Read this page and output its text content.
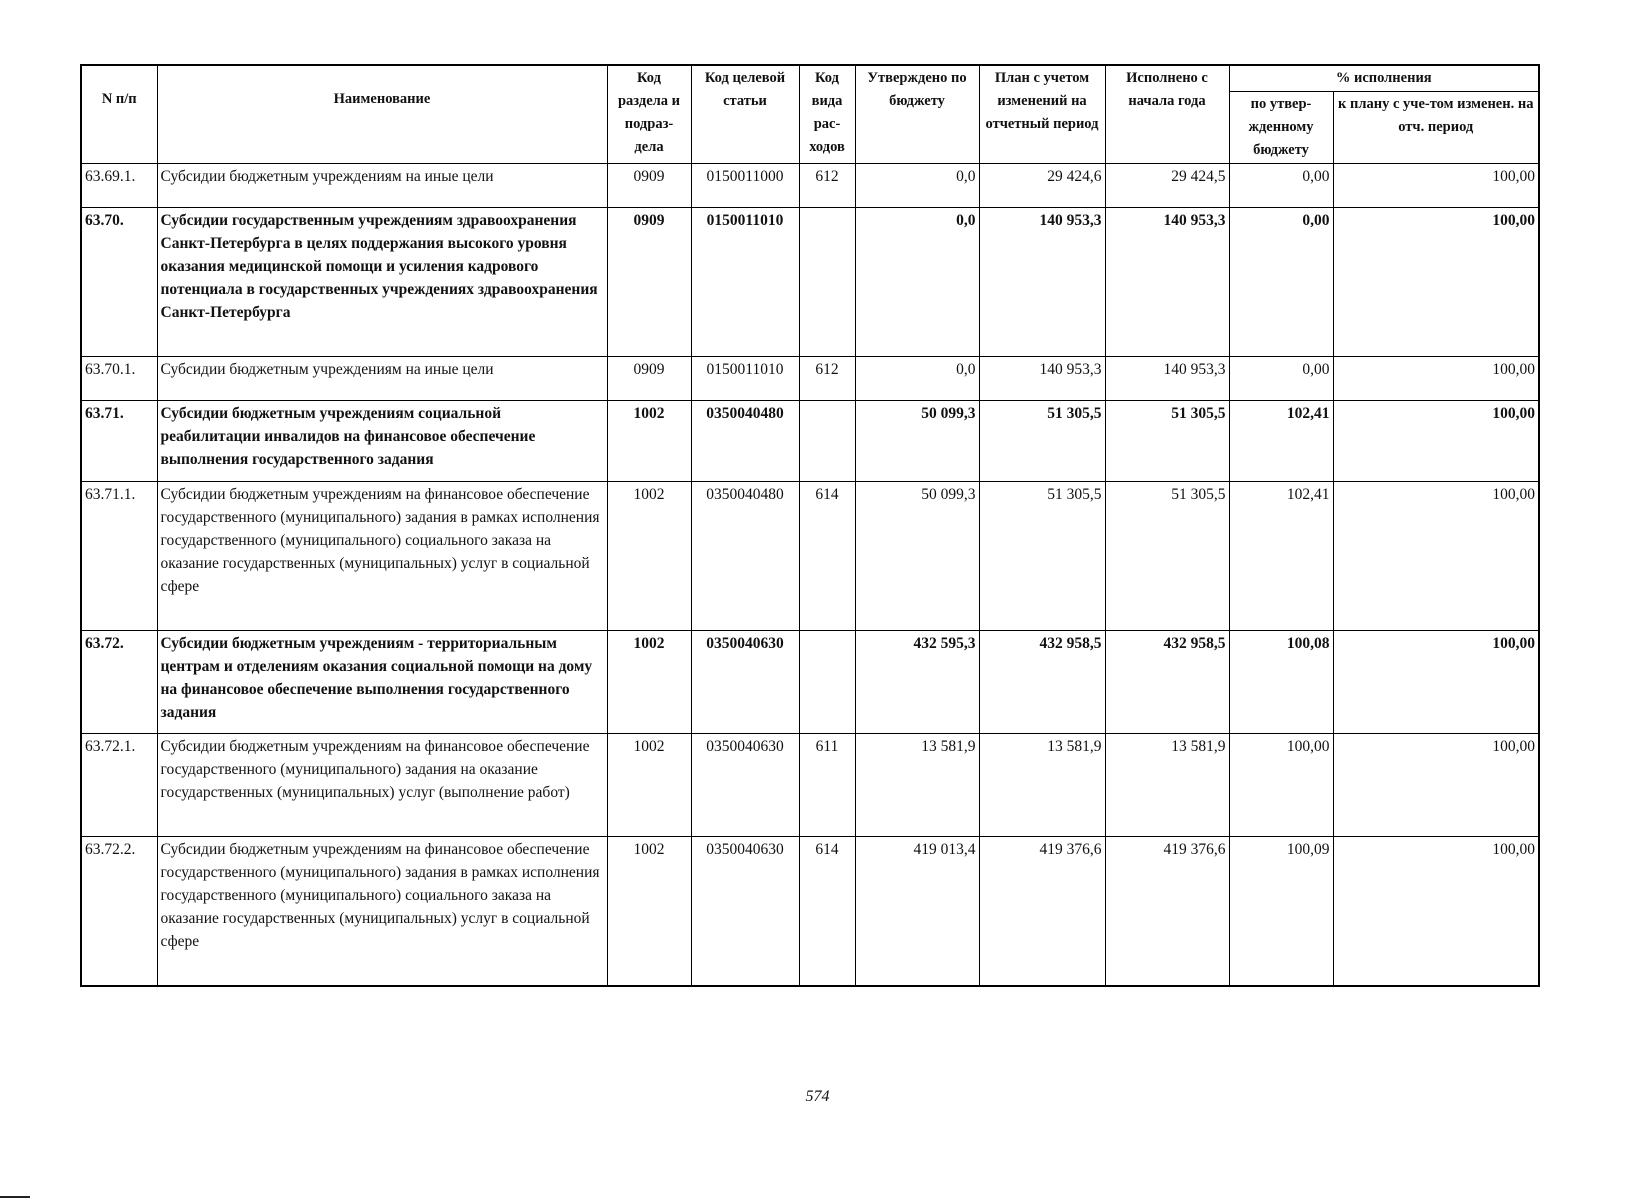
N п/п	Наименование	Код раздела и подраз-дела	Код целевой статьи	Код вида рас-ходов	Утверждено по бюджету	План с учетом изменений на отчетный период	Исполнено с начала года	% исполнения	
								по утвер-жденному бюджету	к плану с уче-том изменен. на отч. период
63.69.1.	Субсидии бюджетным учреждениям на иные цели	0909	0150011000	612	0,0	29 424,6	29 424,5	0,00	100,00
63.70.	Субсидии государственным учреждениям здравоохранения Санкт-Петербурга в целях поддержания высокого уровня оказания медицинской помощи и усиления кадрового потенциала в государственных учреждениях здравоохранения Санкт-Петербурга	0909	0150011010		0,0	140 953,3	140 953,3	0,00	100,00
63.70.1.	Субсидии бюджетным учреждениям на иные цели	0909	0150011010	612	0,0	140 953,3	140 953,3	0,00	100,00
63.71.	Субсидии бюджетным учреждениям социальной реабилитации инвалидов на финансовое обеспечение выполнения государственного задания	1002	0350040480		50 099,3	51 305,5	51 305,5	102,41	100,00
63.71.1.	Субсидии бюджетным учреждениям на финансовое обеспечение государственного (муниципального) задания в рамках исполнения государственного (муниципального) социального заказа на оказание государственных (муниципальных) услуг в социальной сфере	1002	0350040480	614	50 099,3	51 305,5	51 305,5	102,41	100,00
63.72.	Субсидии бюджетным учреждениям - территориальным центрам и отделениям оказания социальной помощи на дому на финансовое обеспечение выполнения государственного задания	1002	0350040630		432 595,3	432 958,5	432 958,5	100,08	100,00
63.72.1.	Субсидии бюджетным учреждениям на финансовое обеспечение государственного (муниципального) задания на оказание государственных (муниципальных) услуг (выполнение работ)	1002	0350040630	611	13 581,9	13 581,9	13 581,9	100,00	100,00
63.72.2.	Субсидии бюджетным учреждениям на финансовое обеспечение государственного (муниципального) задания в рамках исполнения государственного (муниципального) социального заказа на оказание государственных (муниципальных) услуг в социальной сфере	1002	0350040630	614	419 013,4	419 376,6	419 376,6	100,09	100,00
574
